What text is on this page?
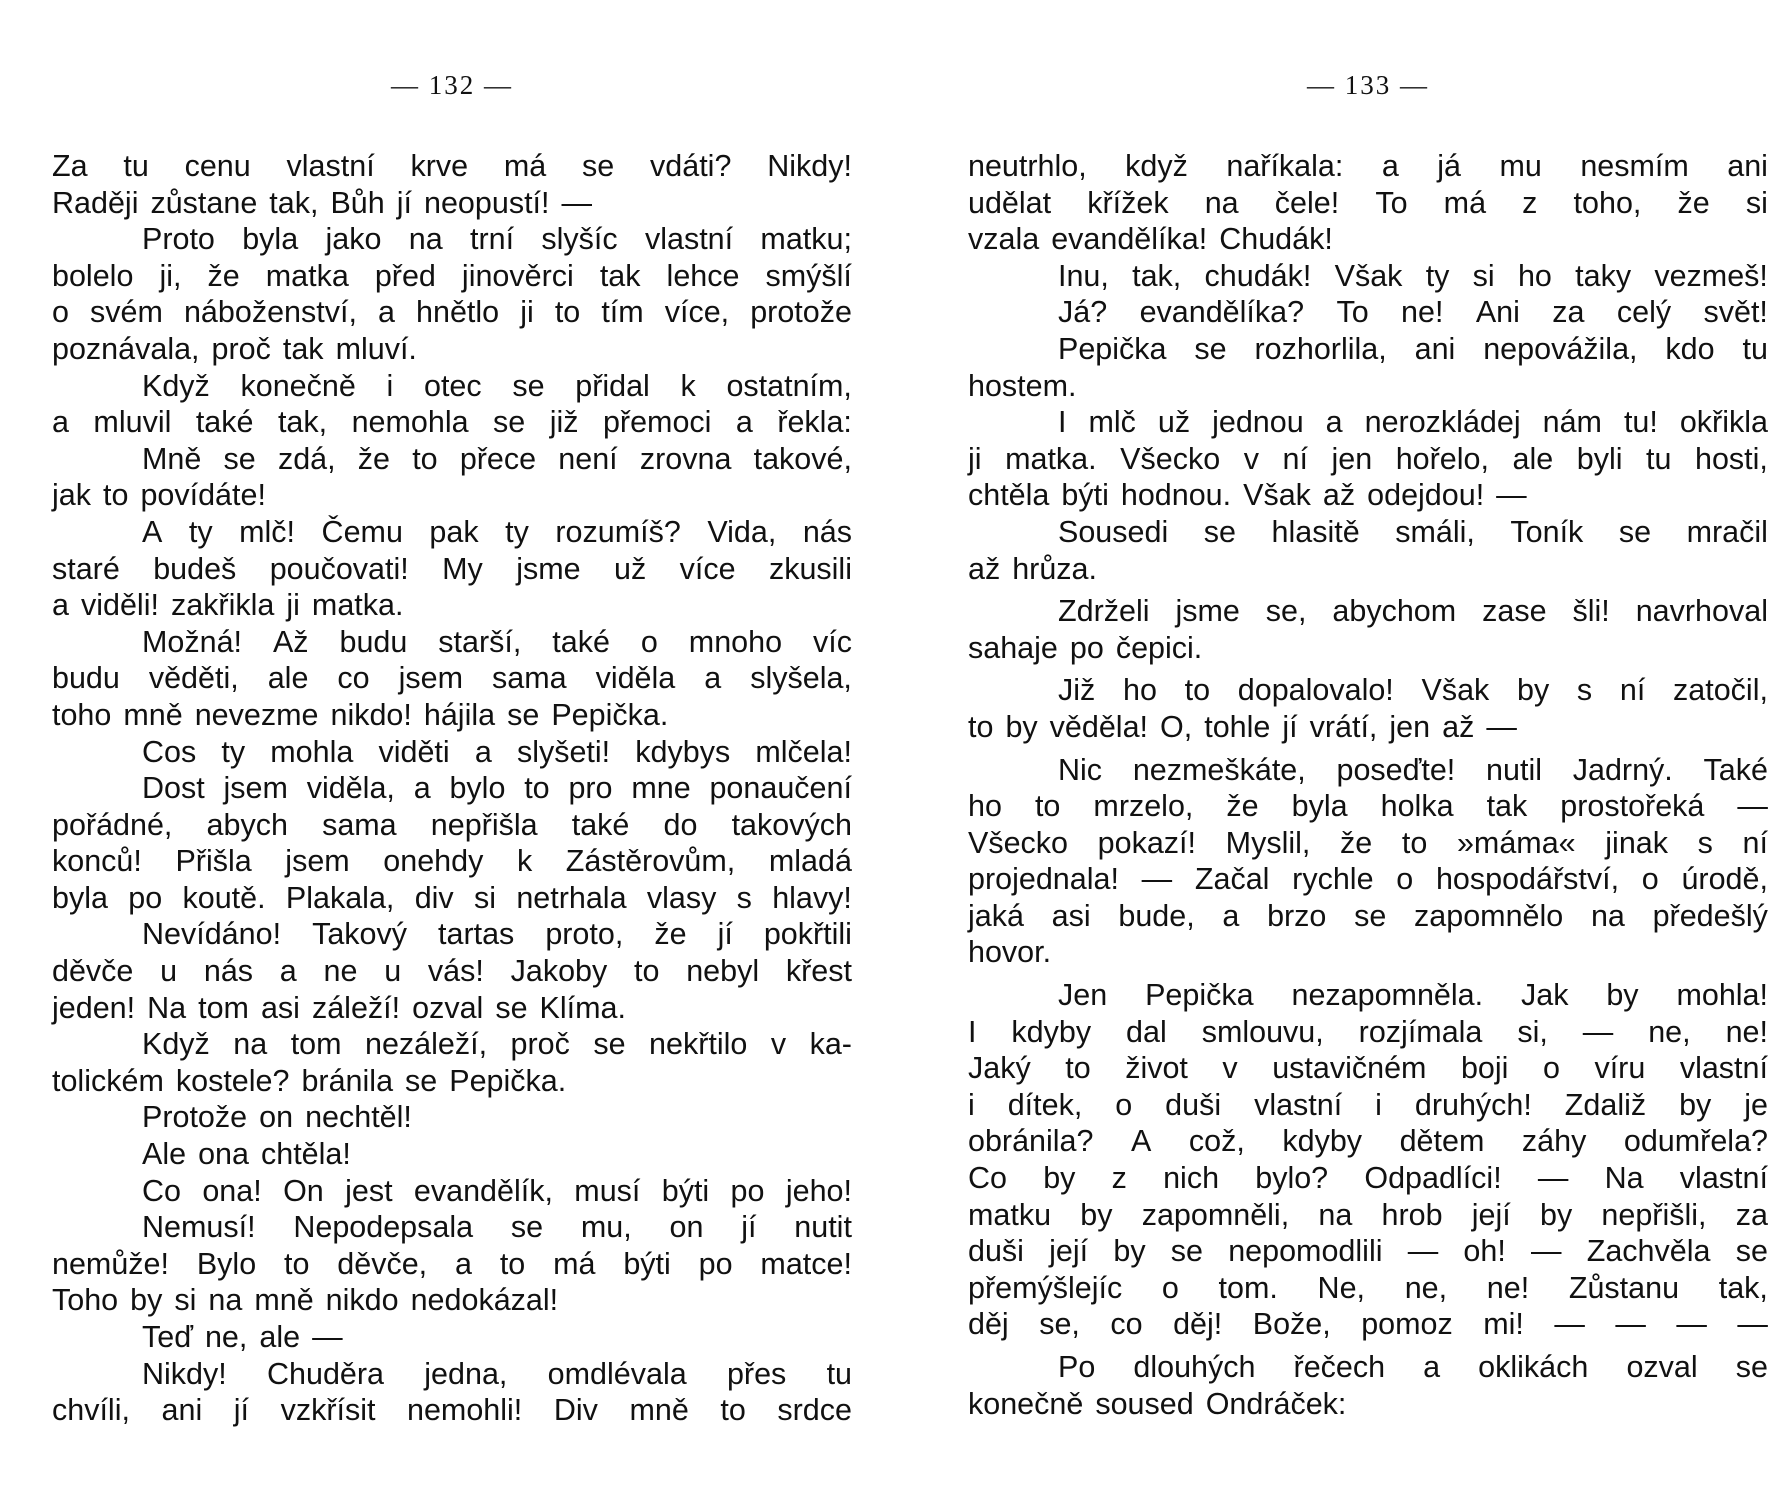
— 132 —
Za tu cenu vlastní krve má se vdáti? Nikdy!
Raději zůstane tak, Bůh jí neopustí! —
Proto byla jako na trní slyšíc vlastní matku;
bolelo ji, že matka před jinověrci tak lehce smýšlí
o svém náboženství, a hnětlo ji to tím více, protože
poznávala, proč tak mluví.
Když konečně i otec se přidal k ostatním,
a mluvil také tak, nemohla se již přemoci a řekla:
Mně se zdá, že to přece není zrovna takové,
jak to povídáte!
A ty mlč! Čemu pak ty rozumíš? Vida, nás
staré budeš poučovati! My jsme už více zkusili
a viděli! zakřikla ji matka.
Možná! Až budu starší, také o mnoho víc
budu věděti, ale co jsem sama viděla a slyšela,
toho mně nevezme nikdo! hájila se Pepička.
Cos ty mohla viděti a slyšeti! kdybys mlčela!
Dost jsem viděla, a bylo to pro mne ponaučení
pořádné, abych sama nepřišla také do takových
konců! Přišla jsem onehdy k Zástěrovům, mladá
byla po koutě. Plakala, div si netrhala vlasy s hlavy!
Nevídáno! Takový tartas proto, že jí pokřtili
děvče u nás a ne u vás! Jakoby to nebyl křest
jeden! Na tom asi záleží! ozval se Klíma.
Když na tom nezáleží, proč se nekřtilo v ka-
tolickém kostele? bránila se Pepička.
Protože on nechtěl!
Ale ona chtěla!
Co ona! On jest evandělík, musí býti po jeho!
Nemusí! Nepodepsala se mu, on jí nutit
nemůže! Bylo to děvče, a to má býti po matce!
Toho by si na mně nikdo nedokázal!
Teď ne, ale —
Nikdy! Chuděra jedna, omdlévala přes tu
chvíli, ani jí vzkřísit nemohli! Div mně to srdce
— 133 —
neutrhlo, když naříkala: a já mu nesmím ani
udělat křížek na čele! To má z toho, že si
vzala evandělíka! Chudák!
Inu, tak, chudák! Však ty si ho taky vezmeš!
Já? evandělíka? To ne! Ani za celý svět!
Pepička se rozhorlila, ani nepovážila, kdo tu
hostem.
I mlč už jednou a nerozkládej nám tu! okřikla
ji matka. Všecko v ní jen hořelo, ale byli tu hosti,
chtěla býti hodnou. Však až odejdou! —
Sousedi se hlasitě smáli, Toník se mračil
až hrůza.
Zdrželi jsme se, abychom zase šli! navrhoval
sahaje po čepici.
Již ho to dopalovalo! Však by s ní zatočil,
to by věděla! O, tohle jí vrátí, jen až —
Nic nezmeškáte, poseďte! nutil Jadrný. Také
ho to mrzelo, že byla holka tak prostořeká —
Všecko pokazí! Myslil, že to »máma« jinak s ní
projednala! — Začal rychle o hospodářství, o úrodě,
jaká asi bude, a brzo se zapomnělo na předešlý
hovor.
Jen Pepička nezapomněla. Jak by mohla!
I kdyby dal smlouvu, rozjímala si, — ne, ne!
Jaký to život v ustavičném boji o víru vlastní
i dítek, o duši vlastní i druhých! Zdaliž by je
obránila? A což, kdyby dětem záhy odumřela?
Co by z nich bylo? Odpadlíci! — Na vlastní
matku by zapomněli, na hrob její by nepřišli, za
duši její by se nepomodlili — oh! — Zachvěla se
přemýšlejíc o tom. Ne, ne, ne! Zůstanu tak,
děj se, co děj! Bože, pomoz mi! — — — —
Po dlouhých řečech a oklikách ozval se
konečně soused Ondráček:
